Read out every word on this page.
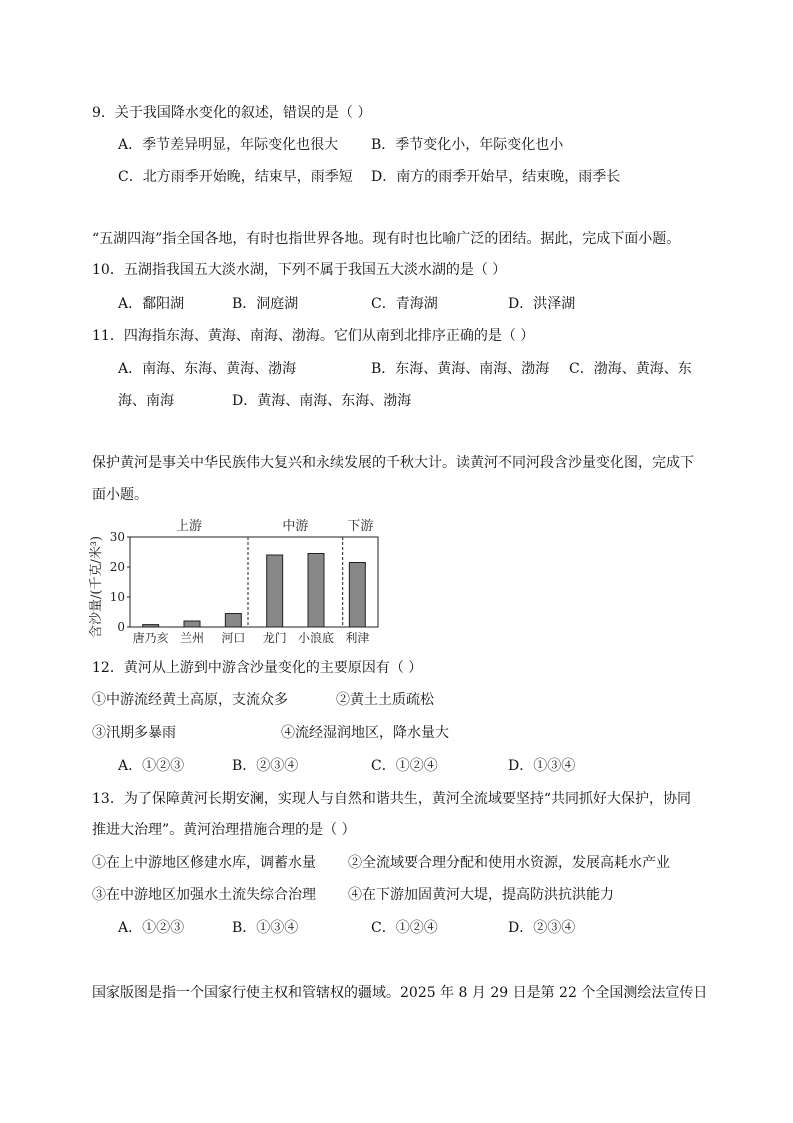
9．关于我国降水变化的叙述，错误的是（ ）
A．季节差异明显，年际变化也很大 B．季节变化小，年际变化也小
C．北方雨季开始晚，结束早，雨季短 D．南方的雨季开始早，结束晚，雨季长
“五湖四海”指全国各地，有时也指世界各地。现有时也比喻广泛的团结。据此，完成下面小题。
10．五湖指我国五大淡水湖，下列不属于我国五大淡水湖的是（ ）
A．鄱阳湖	B．洞庭湖	C．青海湖	D．洪泽湖
11．四海指东海、黄海、南海、渤海。它们从南到北排序正确的是（ ）
A．南海、东海、黄海、渤海	B．东海、黄海、南海、渤海 C．渤海、黄海、东
海、南海	D．黄海、南海、东海、渤海
保护黄河是事关中华民族伟大复兴和永续发展的千秋大计。读黄河不同河段含沙量变化图，完成下
面小题。
0
10
20
30
含沙量/(千克/米³) 唐乃亥 兰州 河口 龙门 小浪底 利津
上游	中游	下游
12．黄河从上游到中游含沙量变化的主要原因有（ ）
①中游流经黄土高原，支流众多	②黄土土质疏松
③汛期多暴雨	④流经湿润地区，降水量大
A．①②③	B．②③④	C．①②④	D．①③④
13．为了保障黄河长期安澜，实现人与自然和谐共生，黄河全流域要坚持“共同抓好大保护，协同
推进大治理”。黄河治理措施合理的是（ ）
①在上中游地区修建水库，调蓄水量 ②全流域要合理分配和使用水资源，发展高耗水产业
③在中游地区加强水土流失综合治理 ④在下游加固黄河大堤，提高防洪抗洪能力
A．①②③	B．①③④	C．①②④	D．②③④
国家版图是指一个国家行使主权和管辖权的疆域。2025 年 8 月 29 日是第 22 个全国测绘法宣传日
